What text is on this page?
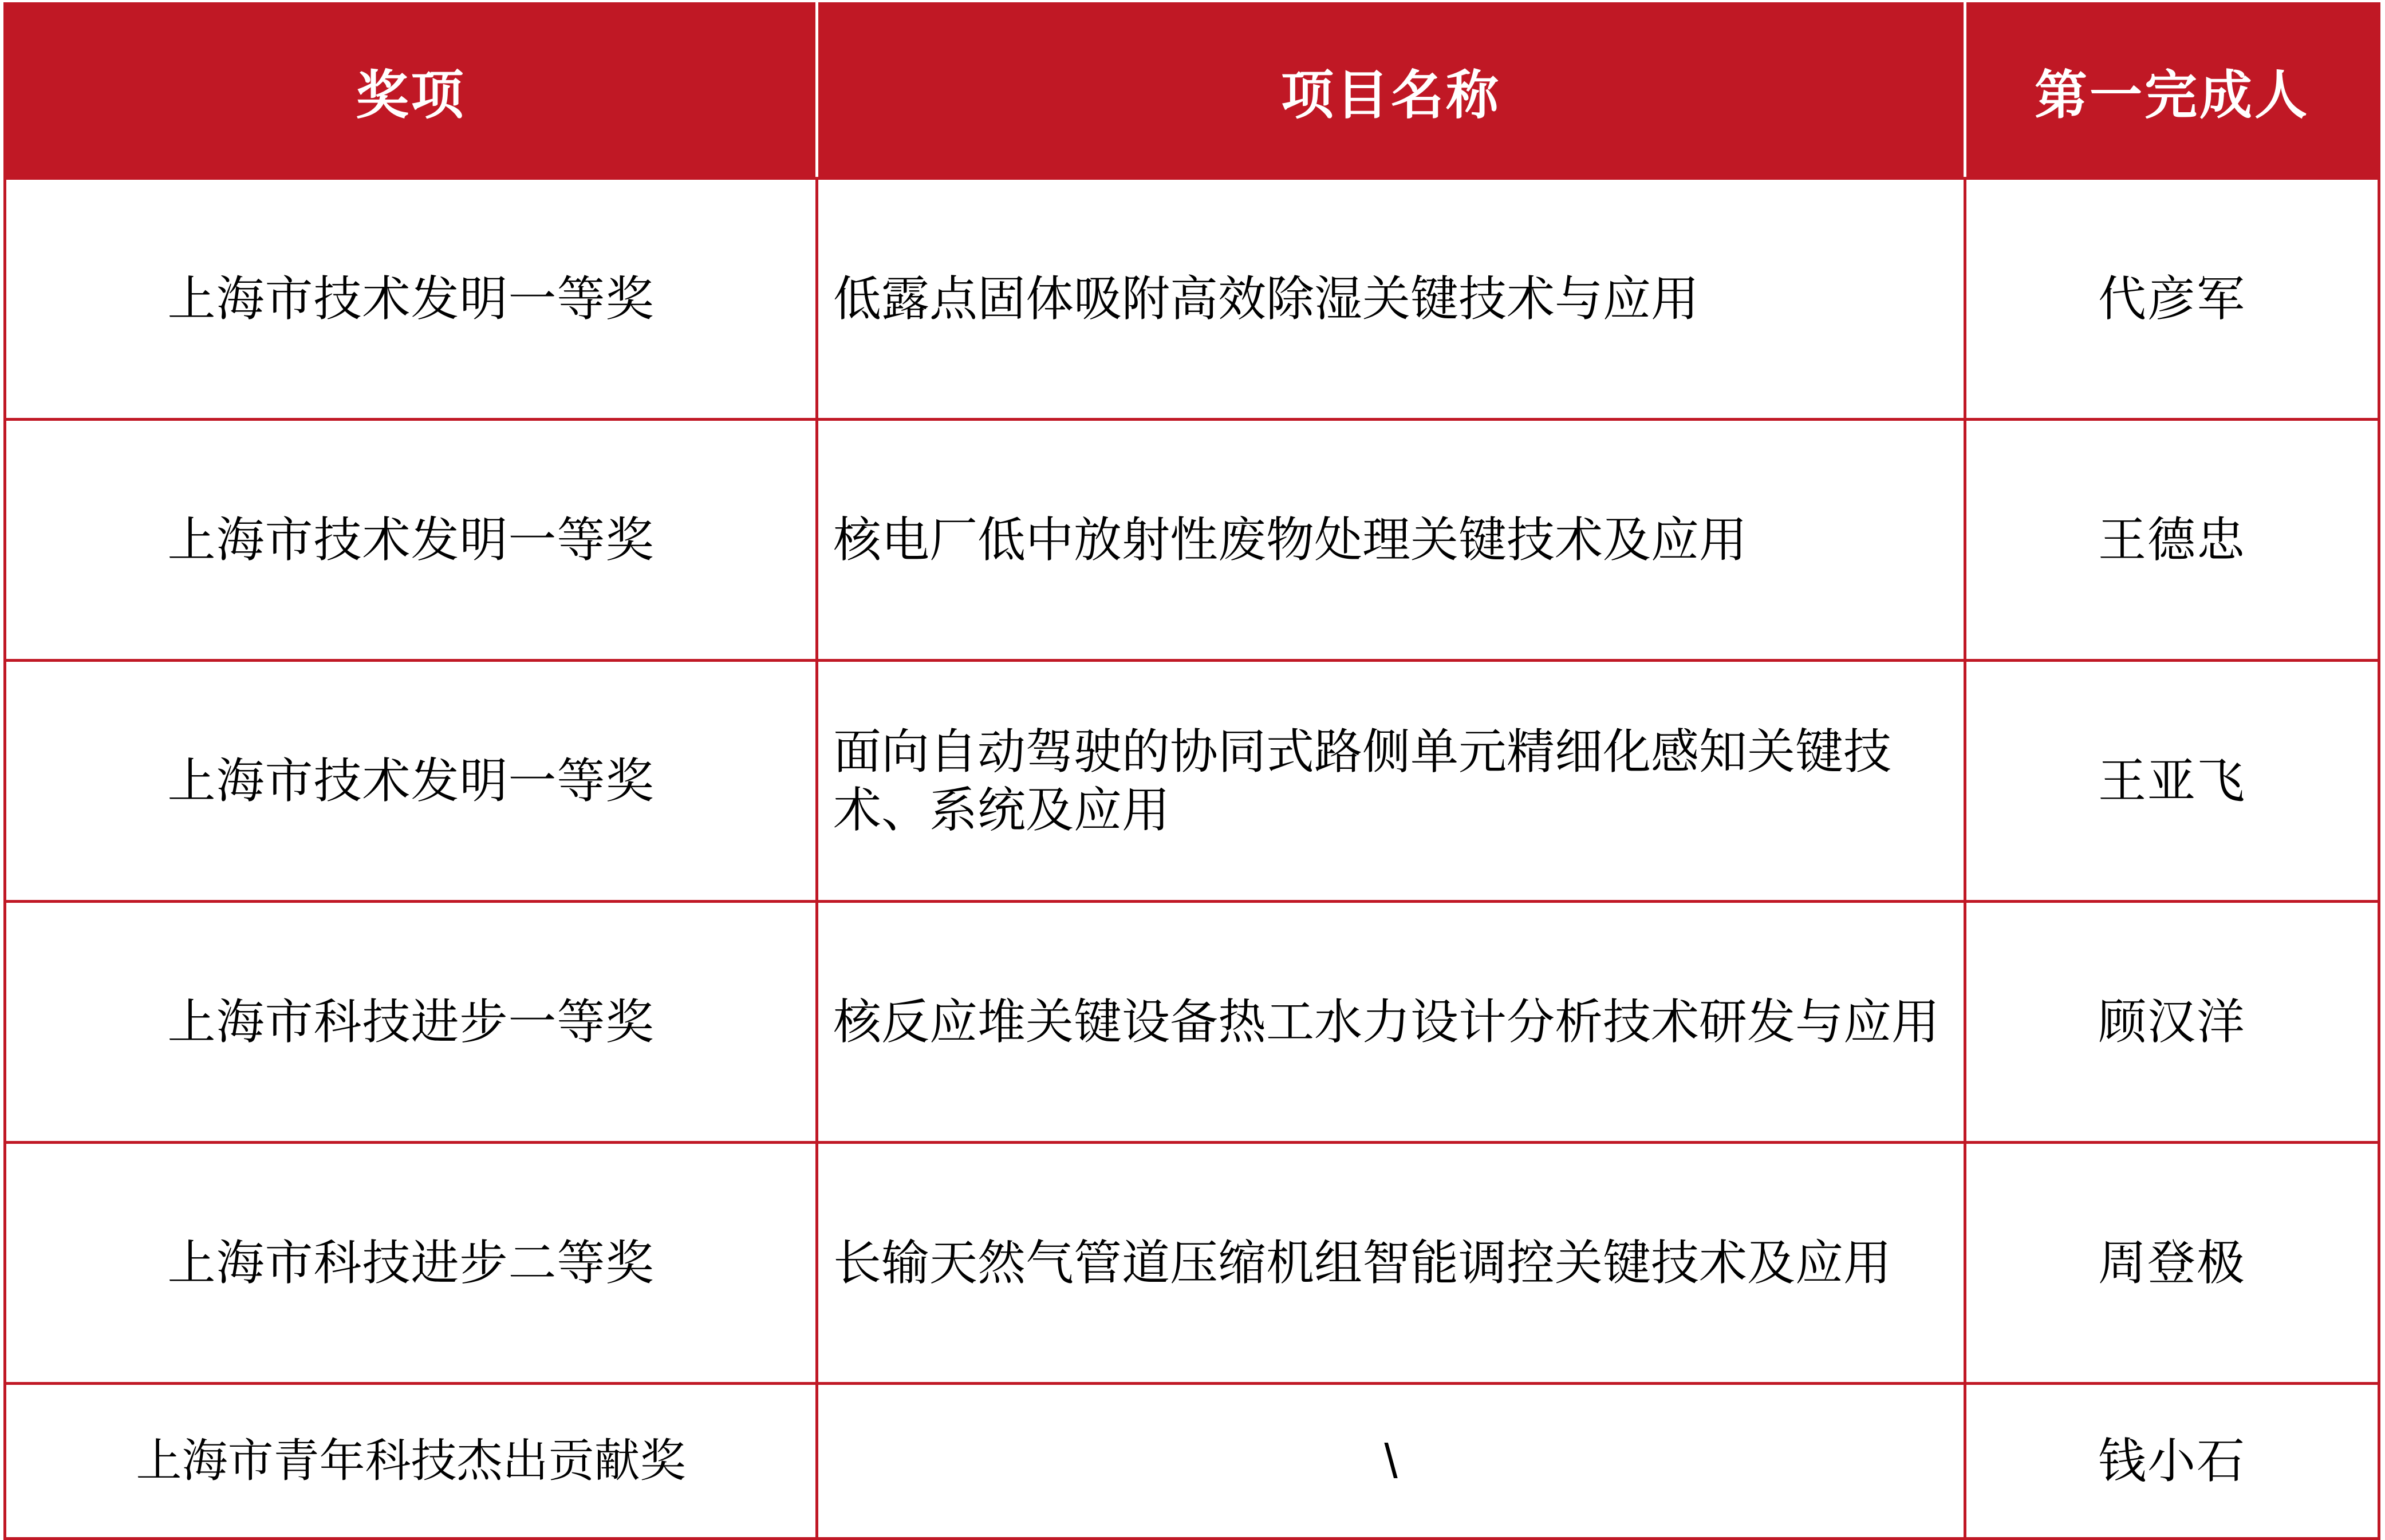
奖项	项目名称	第一完成人
上海市技术发明一等奖	低露点固体吸附高效除湿关键技术与应用	代彦军
上海市技术发明一等奖	核电厂低中放射性废物处理关键技术及应用	王德忠
上海市技术发明一等奖	面向自动驾驶的协同式路侧单元精细化感知关键技术、系统及应用	王亚飞
上海市科技进步一等奖	核反应堆关键设备热工水力设计分析技术研发与应用	顾汉洋
上海市科技进步二等奖	长输天然气管道压缩机组智能调控关键技术及应用	周登极
上海市青年科技杰出贡献奖	\	钱小石
